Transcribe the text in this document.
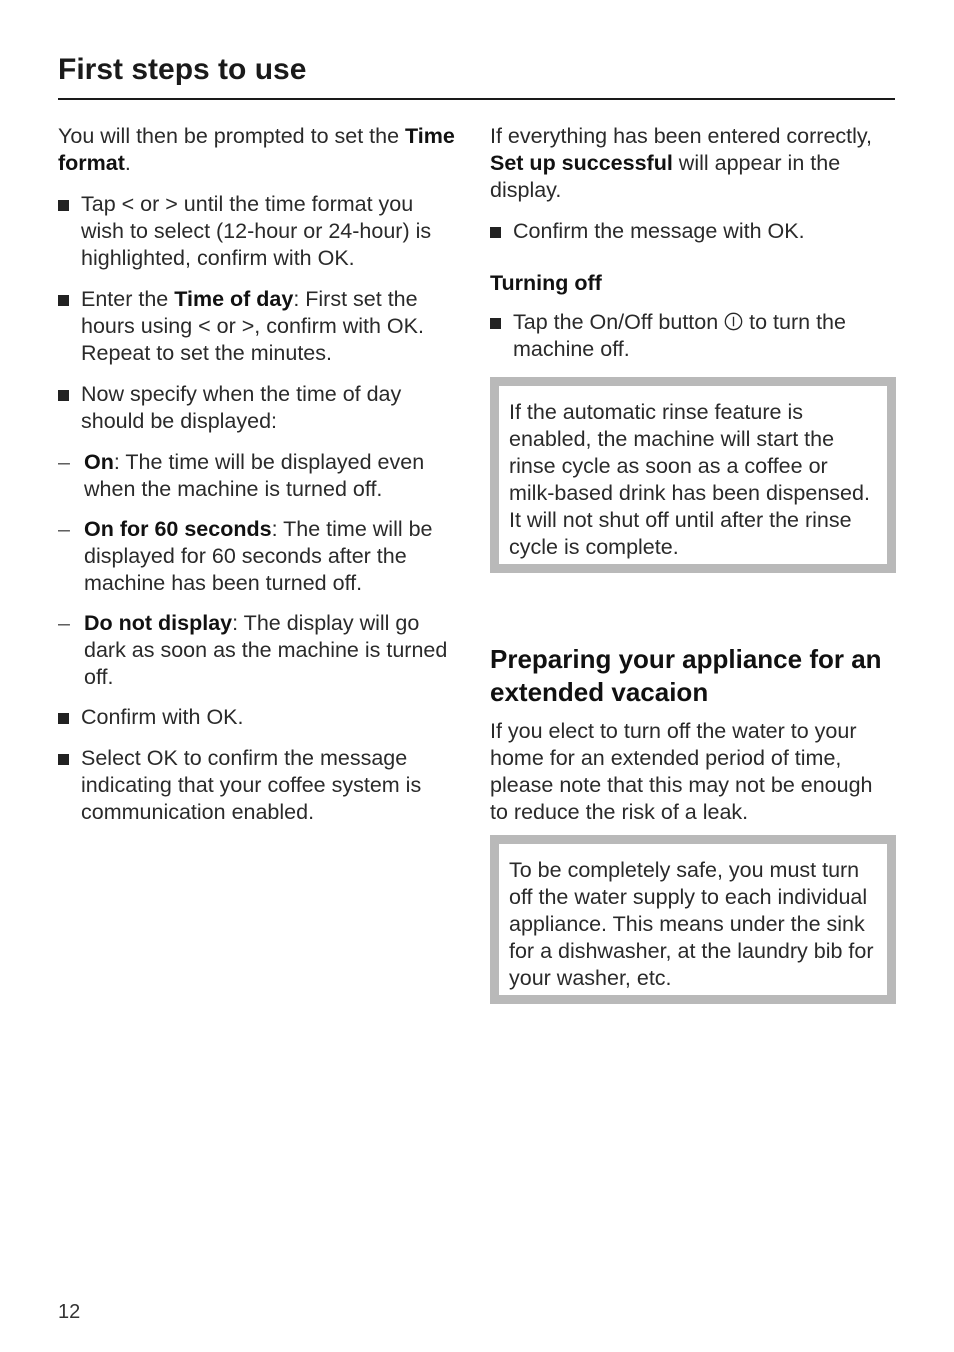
First steps to use

You will then be prompted to set the Time format.

Tap < or > until the time format you wish to select (12-hour or 24-hour) is highlighted, confirm with OK.

Enter the Time of day: First set the hours using < or >, confirm with OK. Repeat to set the minutes.

Now specify when the time of day should be displayed:

– On: The time will be displayed even when the machine is turned off.

– On for 60 seconds: The time will be displayed for 60 seconds after the machine has been turned off.

– Do not display: The display will go dark as soon as the machine is turned off.

Confirm with OK.

Select OK to confirm the message indicating that your coffee system is communication enabled.

If everything has been entered correctly, Set up successful will appear in the display.

Confirm the message with OK.

Turning off

Tap the On/Off button  to turn the machine off.

If the automatic rinse feature is enabled, the machine will start the rinse cycle as soon as a coffee or milk-based drink has been dispensed. It will not shut off until after the rinse cycle is complete.

Preparing your appliance for an extended vacaion

If you elect to turn off the water to your home for an extended period of time, please note that this may not be enough to reduce the risk of a leak.

To be completely safe, you must turn off the water supply to each individual appliance. This means under the sink for a dishwasher, at the laundry bib for your washer, etc.

12
